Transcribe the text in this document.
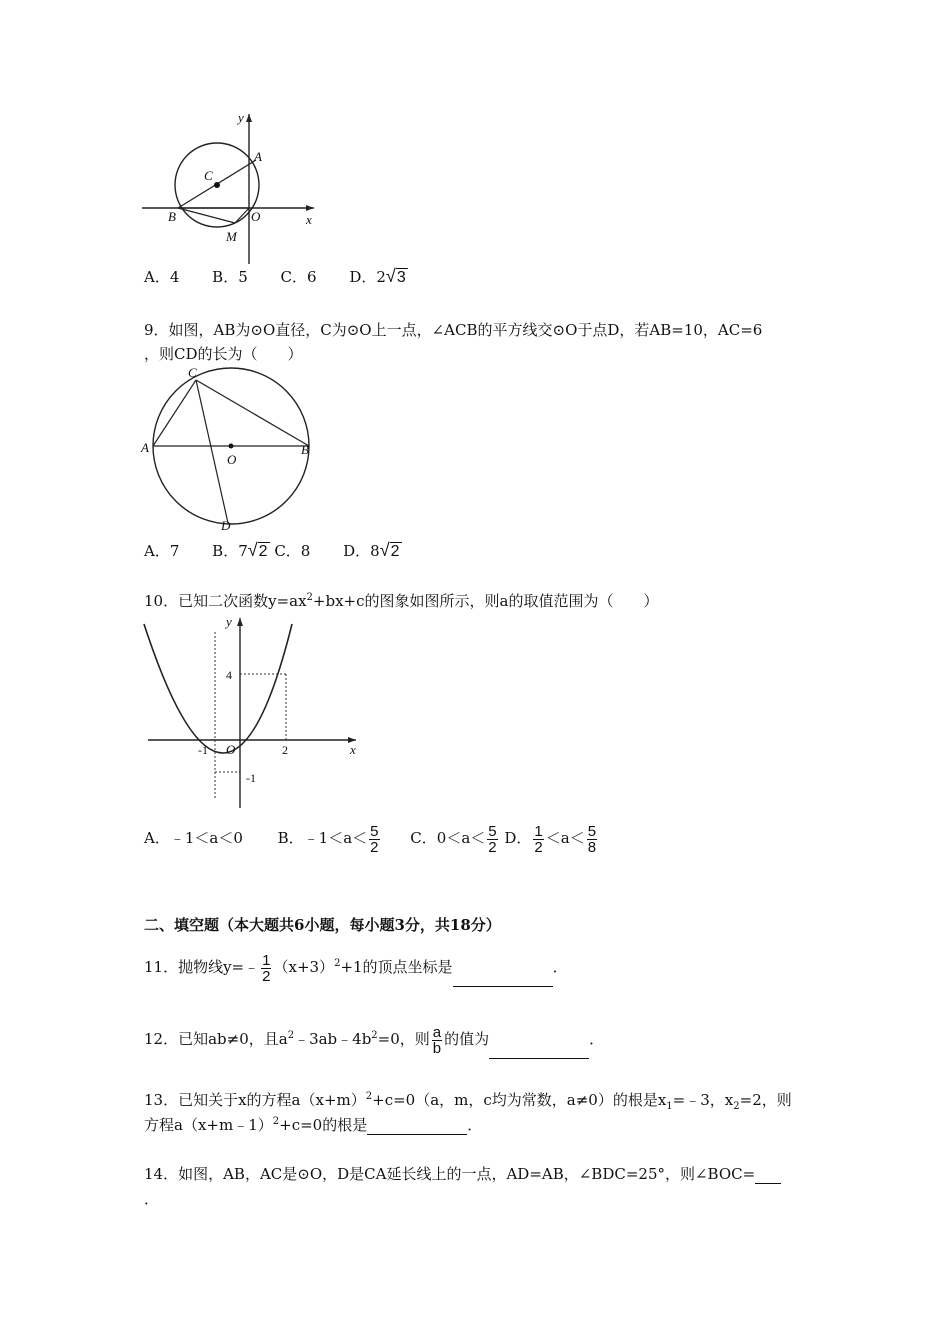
y
A
C
B	O	x
M
A．4 B．5 C．6 D．2√3
9．如图，AB为⊙O直径，C为⊙O上一点，∠ACB的平方线交⊙O于点D，若AB=10，AC=6
，则CD的长为（　　）
C
A	B
O
D
A．7 B．7√2 C．8 D．8√2
10．已知二次函数$y=ax^2+bx+c$的图象如图所示，则a的取值范围为（　　）
y
4
-1 O	2
-1
x
A．﹣1＜a＜0 B．﹣1＜a＜ $\frac{5}{2}$ C．$0<a< \frac{5}{2}$ D． $\frac{1}{2} <a< \frac{5}{8}$
二、填空题（本大题共6小题，每小题3分，共18分）
11．抛物线y=﹣ $\frac{1}{2} (x+3)^2+1$的顶点坐标是	．
12．已知ab≠0，且$a^2﹣3ab﹣4b^2=0$，则 $\frac{a}{b}$ 的值为	．
13．已知关于x的方程$a(x+m)^2+c=0(a$，m，c均为常数，a≠0）的根是$x_1=﹣3$，$x_2=2$，则
方程a（x+m﹣1）$^2$+c=0的根是	．
14．如图，AB，AC是⊙O，D是CA延长线上的一点，AD=AB，∠BDC=25°，则∠BOC=
．
